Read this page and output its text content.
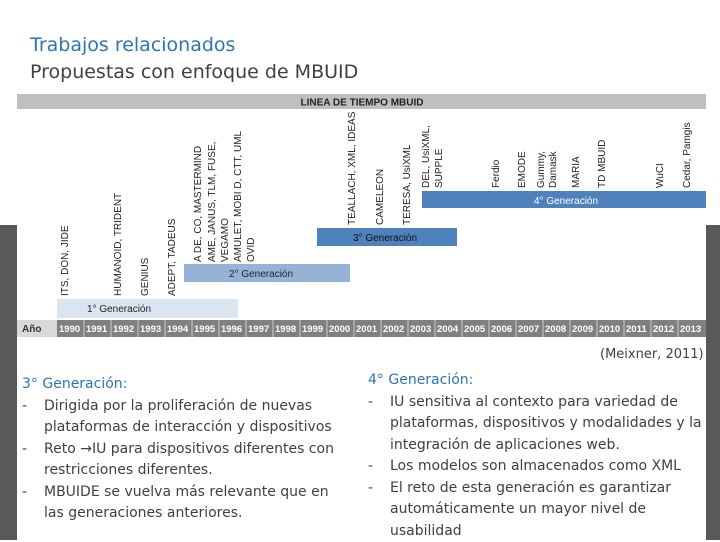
Trabajos relacionados
Propuestas con enfoque de MBUID
LINEA DE TIEMPO MBUID
1° Generación
2° Generación
3° Generación
4° Generación
ITS, DON, JIDE	HUMANOID, TRIDENT GENIUS ADEPT, TADEUS A DE, CO, MASTERMIND AME, JANUS, TLM, FUSE, VEGAMO AMULET, MOBI D, CTT, UML OVID
TEALLACH, XML, IDEAS CAMELEON TERESA, UsiXML DEL, UsiXML, SUPPLE	Ferdio EMODE Gummy, Damask MARIA TD MBUID	WuCI Cedar, Pamgis
Año 1990 1991 1992 1993 1994 1995 1996 1997 1998 1999 2000 2001 2002 2003 2004 2005 2006 2007 2008 2009 2010 2011 2012 2013
(Meixner, 2011)
3° Generación:
- Dirigida por la proliferación de nuevas plataformas de interacción y dispositivos
- Reto →IU para dispositivos diferentes con restricciones diferentes.
- MBUIDE se vuelva más relevante que en las generaciones anteriores.
4° Generación:
- IU sensitiva al contexto para variedad de plataformas, dispositivos y modalidades y la integración de aplicaciones web.
- Los modelos son almacenados como XML
- El reto de esta generación es garantizar automáticamente un mayor nivel de usabilidad
